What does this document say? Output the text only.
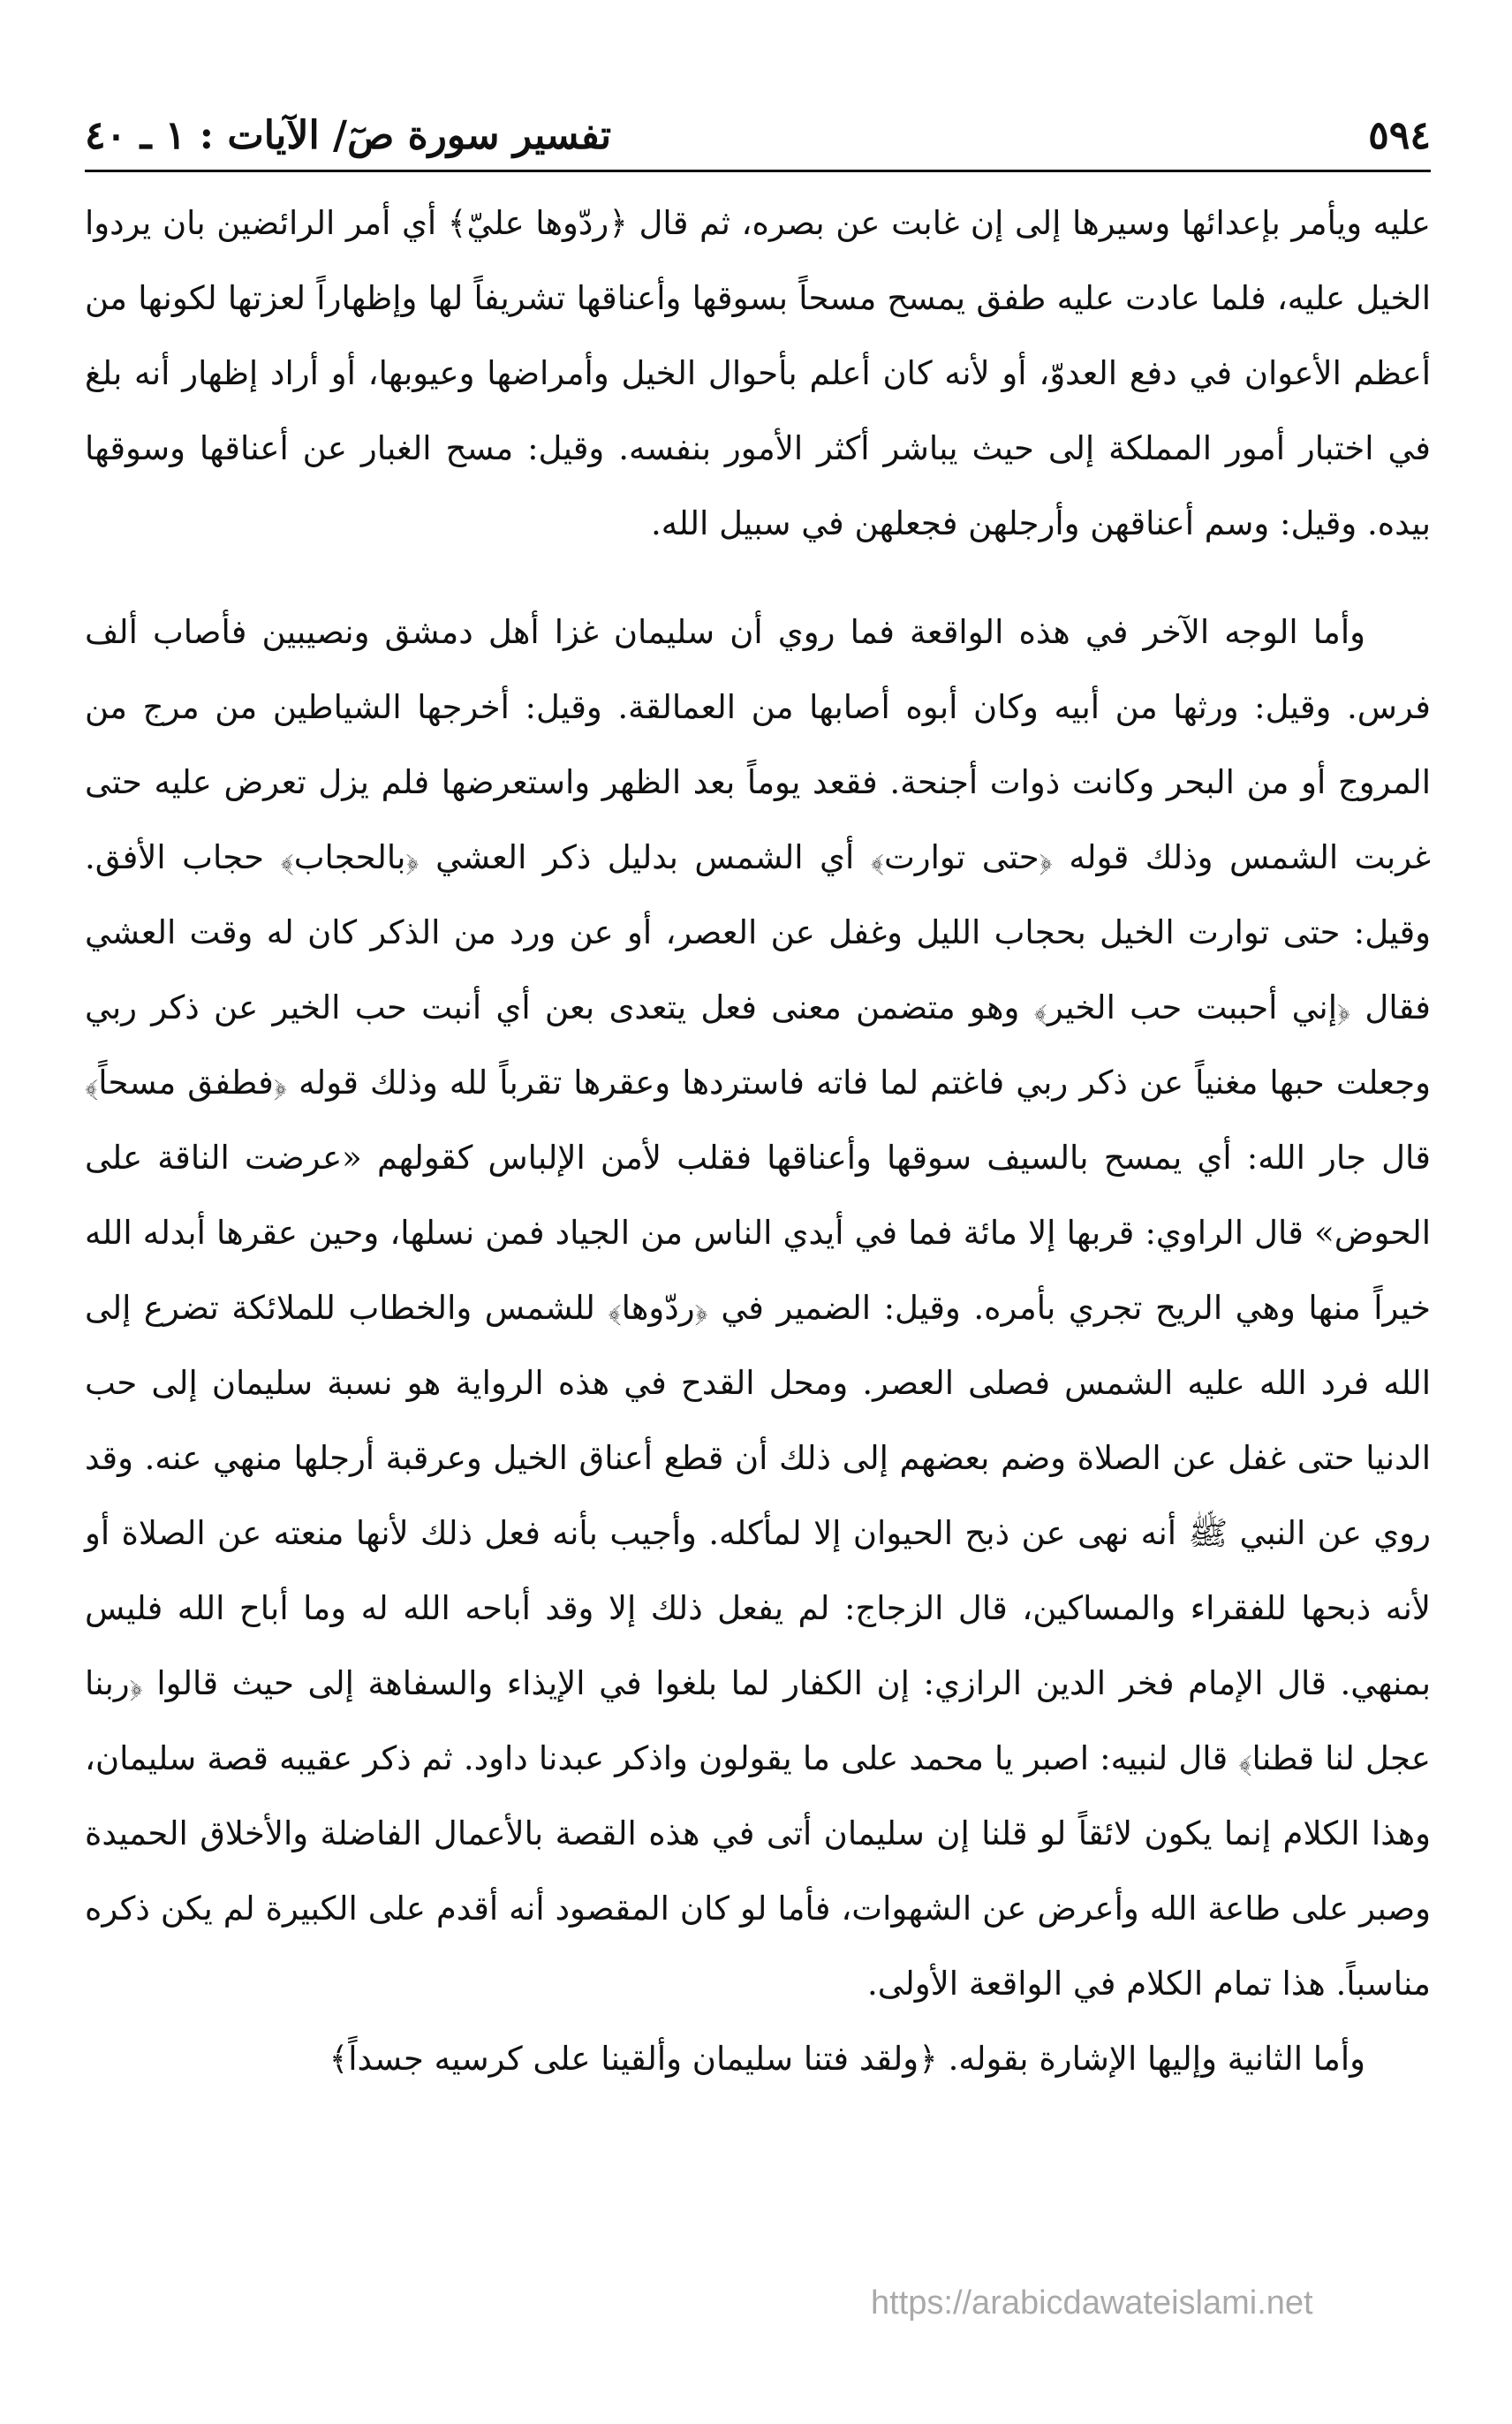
٥٩٤
تفسير سورة صٓ/ الآيات : ١ ـ ٤٠

عليه ويأمر بإعدائها وسيرها إلى إن غابت عن بصره، ثم قال ﴿ردّوها عليّ﴾ أي أمر الرائضين بان يردوا الخيل عليه، فلما عادت عليه طفق يمسح مسحاً بسوقها وأعناقها تشريفاً لها وإظهاراً لعزتها لكونها من أعظم الأعوان في دفع العدوّ، أو لأنه كان أعلم بأحوال الخيل وأمراضها وعيوبها، أو أراد إظهار أنه بلغ في اختبار أمور المملكة إلى حيث يباشر أكثر الأمور بنفسه. وقيل: مسح الغبار عن أعناقها وسوقها بيده. وقيل: وسم أعناقهن وأرجلهن فجعلهن في سبيل الله.

وأما الوجه الآخر في هذه الواقعة فما روي أن سليمان غزا أهل دمشق ونصيبين فأصاب ألف فرس. وقيل: ورثها من أبيه وكان أبوه أصابها من العمالقة. وقيل: أخرجها الشياطين من مرج من المروج أو من البحر وكانت ذوات أجنحة. فقعد يوماً بعد الظهر واستعرضها فلم يزل تعرض عليه حتى غربت الشمس وذلك قوله ﴿حتى توارت﴾ أي الشمس بدليل ذكر العشي ﴿بالحجاب﴾ حجاب الأفق. وقيل: حتى توارت الخيل بحجاب الليل وغفل عن العصر، أو عن ورد من الذكر كان له وقت العشي فقال ﴿إني أحببت حب الخير﴾ وهو متضمن معنى فعل يتعدى بعن أي أنبت حب الخير عن ذكر ربي وجعلت حبها مغنياً عن ذكر ربي فاغتم لما فاته فاستردها وعقرها تقرباً لله وذلك قوله ﴿فطفق مسحاً﴾ قال جار الله: أي يمسح بالسيف سوقها وأعناقها فقلب لأمن الإلباس كقولهم «عرضت الناقة على الحوض» قال الراوي: قربها إلا مائة فما في أيدي الناس من الجياد فمن نسلها، وحين عقرها أبدله الله خيراً منها وهي الريح تجري بأمره. وقيل: الضمير في ﴿ردّوها﴾ للشمس والخطاب للملائكة تضرع إلى الله فرد الله عليه الشمس فصلى العصر. ومحل القدح في هذه الرواية هو نسبة سليمان إلى حب الدنيا حتى غفل عن الصلاة وضم بعضهم إلى ذلك أن قطع أعناق الخيل وعرقبة أرجلها منهي عنه. وقد روي عن النبي ﷺ أنه نهى عن ذبح الحيوان إلا لمأكله. وأجيب بأنه فعل ذلك لأنها منعته عن الصلاة أو لأنه ذبحها للفقراء والمساكين، قال الزجاج: لم يفعل ذلك إلا وقد أباحه الله له وما أباح الله فليس بمنهي. قال الإمام فخر الدين الرازي: إن الكفار لما بلغوا في الإيذاء والسفاهة إلى حيث قالوا ﴿ربنا عجل لنا قطنا﴾ قال لنبيه: اصبر يا محمد على ما يقولون واذكر عبدنا داود. ثم ذكر عقيبه قصة سليمان، وهذا الكلام إنما يكون لائقاً لو قلنا إن سليمان أتى في هذه القصة بالأعمال الفاضلة والأخلاق الحميدة وصبر على طاعة الله وأعرض عن الشهوات، فأما لو كان المقصود أنه أقدم على الكبيرة لم يكن ذكره مناسباً. هذا تمام الكلام في الواقعة الأولى.

وأما الثانية وإليها الإشارة بقوله. ﴿ولقد فتنا سليمان وألقينا على كرسيه جسداً﴾

https://arabicdawateislami.net
